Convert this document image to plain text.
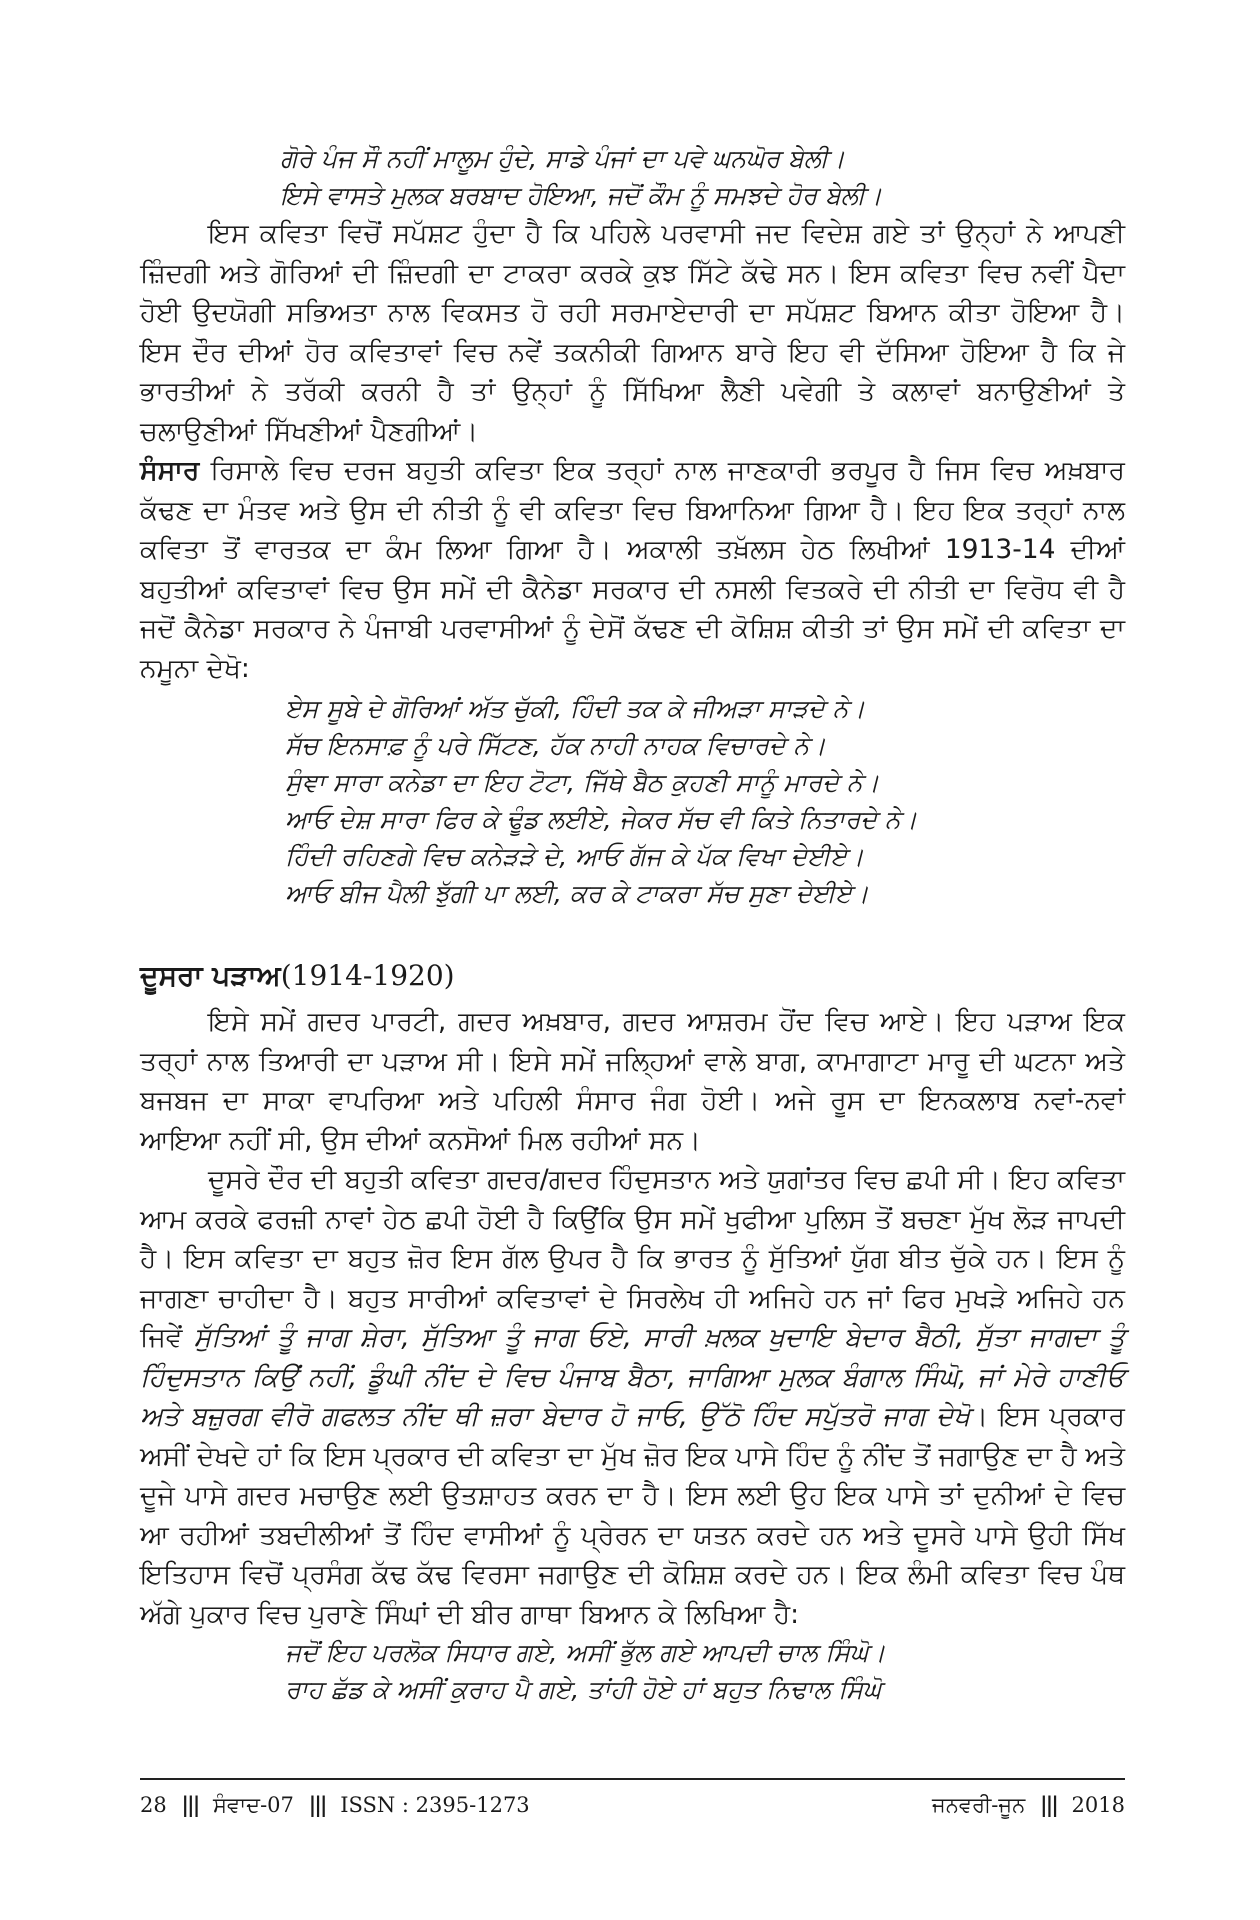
ਗੋਰੇ ਪੰਜ ਸੌ ਨਹੀਂ ਮਾਲੂਮ ਹੁੰਦੇ, ਸਾਡੇ ਪੰਜਾਂ ਦਾ ਪਵੇ ਘਨਘੋਰ ਬੇਲੀ।
ਇਸੇ ਵਾਸਤੇ ਮੁਲਕ ਬਰਬਾਦ ਹੋਇਆ, ਜਦੋਂ ਕੌਮ ਨੂੰ ਸਮਝਦੇ ਹੋਰ ਬੇਲੀ।

ਇਸ ਕਵਿਤਾ ਵਿਚੋਂ ਸਪੱਸ਼ਟ ਹੁੰਦਾ ਹੈ ਕਿ ਪਹਿਲੇ ਪਰਵਾਸੀ ਜਦ ਵਿਦੇਸ਼ ਗਏ ਤਾਂ ਉਨ੍ਹਾਂ ਨੇ ਆਪਣੀ ਜ਼ਿੰਦਗੀ ਅਤੇ ਗੋਰਿਆਂ ਦੀ ਜ਼ਿੰਦਗੀ ਦਾ ਟਾਕਰਾ ਕਰਕੇ ਕੁਝ ਸਿੱਟੇ ਕੱਢੇ ਸਨ। ਇਸ ਕਵਿਤਾ ਵਿਚ ਨਵੀਂ ਪੈਦਾ ਹੋਈ ਉਦਯੋਗੀ ਸਭਿਅਤਾ ਨਾਲ ਵਿਕਸਤ ਹੋ ਰਹੀ ਸਰਮਾਏਦਾਰੀ ਦਾ ਸਪੱਸ਼ਟ ਬਿਆਨ ਕੀਤਾ ਹੋਇਆ ਹੈ। ਇਸ ਦੌਰ ਦੀਆਂ ਹੋਰ ਕਵਿਤਾਵਾਂ ਵਿਚ ਨਵੇਂ ਤਕਨੀਕੀ ਗਿਆਨ ਬਾਰੇ ਇਹ ਵੀ ਦੱਸਿਆ ਹੋਇਆ ਹੈ ਕਿ ਜੇ ਭਾਰਤੀਆਂ ਨੇ ਤਰੱਕੀ ਕਰਨੀ ਹੈ ਤਾਂ ਉਨ੍ਹਾਂ ਨੂੰ ਸਿੱਖਿਆ ਲੈਣੀ ਪਵੇਗੀ ਤੇ ਕਲਾਵਾਂ ਬਨਾਉਣੀਆਂ ਤੇ ਚਲਾਉਣੀਆਂ ਸਿੱਖਣੀਆਂ ਪੈਣਗੀਆਂ।

ਸੰਸਾਰ ਰਿਸਾਲੇ ਵਿਚ ਦਰਜ ਬਹੁਤੀ ਕਵਿਤਾ ਇਕ ਤਰ੍ਹਾਂ ਨਾਲ ਜਾਣਕਾਰੀ ਭਰਪੂਰ ਹੈ ਜਿਸ ਵਿਚ ਅਖ਼ਬਾਰ ਕੱਢਣ ਦਾ ਮੰਤਵ ਅਤੇ ਉਸ ਦੀ ਨੀਤੀ ਨੂੰ ਵੀ ਕਵਿਤਾ ਵਿਚ ਬਿਆਨਿਆ ਗਿਆ ਹੈ। ਇਹ ਇਕ ਤਰ੍ਹਾਂ ਨਾਲ ਕਵਿਤਾ ਤੋਂ ਵਾਰਤਕ ਦਾ ਕੰਮ ਲਿਆ ਗਿਆ ਹੈ। ਅਕਾਲੀ ਤਖ਼ੱਲਸ ਹੇਠ ਲਿਖੀਆਂ 1913-14 ਦੀਆਂ ਬਹੁਤੀਆਂ ਕਵਿਤਾਵਾਂ ਵਿਚ ਉਸ ਸਮੇਂ ਦੀ ਕੈਨੇਡਾ ਸਰਕਾਰ ਦੀ ਨਸਲੀ ਵਿਤਕਰੇ ਦੀ ਨੀਤੀ ਦਾ ਵਿਰੋਧ ਵੀ ਹੈ ਜਦੋਂ ਕੈਨੇਡਾ ਸਰਕਾਰ ਨੇ ਪੰਜਾਬੀ ਪਰਵਾਸੀਆਂ ਨੂੰ ਦੇਸੋਂ ਕੱਢਣ ਦੀ ਕੋਸ਼ਿਸ਼ ਕੀਤੀ ਤਾਂ ਉਸ ਸਮੇਂ ਦੀ ਕਵਿਤਾ ਦਾ ਨਮੂਨਾ ਦੇਖੋ:

ਏਸ ਸੂਬੇ ਦੇ ਗੋਰਿਆਂ ਅੱਤ ਚੁੱਕੀ, ਹਿੰਦੀ ਤਕ ਕੇ ਜੀਅੜਾ ਸਾੜਦੇ ਨੇ।
ਸੱਚ ਇਨਸਾਫ਼ ਨੂੰ ਪਰੇ ਸਿੱਟਣ, ਹੱਕ ਨਾਹੀ ਨਾਹਕ ਵਿਚਾਰਦੇ ਨੇ।
ਸੁੰਞਾ ਸਾਰਾ ਕਨੇਡਾ ਦਾ ਇਹ ਟੋਟਾ, ਜਿੱਥੇ ਬੈਠ ਕੁਹਣੀ ਸਾਨੂੰ ਮਾਰਦੇ ਨੇ।
ਆਓ ਦੇਸ਼ ਸਾਰਾ ਫਿਰ ਕੇ ਢੂੰਡ ਲਈਏ, ਜੇਕਰ ਸੱਚ ਵੀ ਕਿਤੇ ਨਿਤਾਰਦੇ ਨੇ।
ਹਿੰਦੀ ਰਹਿਣਗੇ ਵਿਚ ਕਨੇੜੜੇ ਦੇ, ਆਓ ਗੱਜ ਕੇ ਪੱਕ ਵਿਖਾ ਦੇਈਏ।
ਆਓ ਬੀਜ ਪੈਲੀ ਝੁੱਗੀ ਪਾ ਲਈ, ਕਰ ਕੇ ਟਾਕਰਾ ਸੱਚ ਸੁਣਾ ਦੇਈਏ।
ਦੂਸਰਾ ਪੜਾਅ(1914-1920)

ਇਸੇ ਸਮੇਂ ਗਦਰ ਪਾਰਟੀ, ਗਦਰ ਅਖ਼ਬਾਰ, ਗਦਰ ਆਸ਼ਰਮ ਹੋਂਦ ਵਿਚ ਆਏ। ਇਹ ਪੜਾਅ ਇਕ ਤਰ੍ਹਾਂ ਨਾਲ ਤਿਆਰੀ ਦਾ ਪੜਾਅ ਸੀ। ਇਸੇ ਸਮੇਂ ਜਲ੍ਹਿਆਂ ਵਾਲੇ ਬਾਗ, ਕਾਮਾਗਾਟਾ ਮਾਰੂ ਦੀ ਘਟਨਾ ਅਤੇ ਬਜਬਜ ਦਾ ਸਾਕਾ ਵਾਪਰਿਆ ਅਤੇ ਪਹਿਲੀ ਸੰਸਾਰ ਜੰਗ ਹੋਈ। ਅਜੇ ਰੂਸ ਦਾ ਇਨਕਲਾਬ ਨਵਾਂ-ਨਵਾਂ ਆਇਆ ਨਹੀਂ ਸੀ, ਉਸ ਦੀਆਂ ਕਨਸੋਆਂ ਮਿਲ ਰਹੀਆਂ ਸਨ।

ਦੂਸਰੇ ਦੌਰ ਦੀ ਬਹੁਤੀ ਕਵਿਤਾ ਗਦਰ/ਗਦਰ ਹਿੰਦੁਸਤਾਨ ਅਤੇ ਯੁਗਾਂਤਰ ਵਿਚ ਛਪੀ ਸੀ। ਇਹ ਕਵਿਤਾ ਆਮ ਕਰਕੇ ਫਰਜ਼ੀ ਨਾਵਾਂ ਹੇਠ ਛਪੀ ਹੋਈ ਹੈ ਕਿਉਂਕਿ ਉਸ ਸਮੇਂ ਖੁਫੀਆ ਪੁਲਿਸ ਤੋਂ ਬਚਣਾ ਮੁੱਖ ਲੋੜ ਜਾਪਦੀ ਹੈ। ਇਸ ਕਵਿਤਾ ਦਾ ਬਹੁਤ ਜ਼ੋਰ ਇਸ ਗੱਲ ਉਪਰ ਹੈ ਕਿ ਭਾਰਤ ਨੂੰ ਸੁੱਤਿਆਂ ਯੁੱਗ ਬੀਤ ਚੁੱਕੇ ਹਨ। ਇਸ ਨੂੰ ਜਾਗਣਾ ਚਾਹੀਦਾ ਹੈ। ਬਹੁਤ ਸਾਰੀਆਂ ਕਵਿਤਾਵਾਂ ਦੇ ਸਿਰਲੇਖ ਹੀ ਅਜਿਹੇ ਹਨ ਜਾਂ ਫਿਰ ਮੁਖੜੇ ਅਜਿਹੇ ਹਨ ਜਿਵੇਂ ਸੁੱਤਿਆਂ ਤੂੰ ਜਾਗ ਸ਼ੇਰਾ, ਸੁੱਤਿਆ ਤੂੰ ਜਾਗ ਓਏ, ਸਾਰੀ ਖ਼ਲਕ ਖੁਦਾਇ ਬੇਦਾਰ ਬੈਠੀ, ਸੁੱਤਾ ਜਾਗਦਾ ਤੂੰ ਹਿੰਦੁਸਤਾਨ ਕਿਉਂ ਨਹੀਂ, ਡੂੰਘੀ ਨੀਂਦ ਦੇ ਵਿਚ ਪੰਜਾਬ ਬੈਠਾ, ਜਾਗਿਆ ਮੁਲਕ ਬੰਗਾਲ ਸਿੰਘੋ, ਜਾਂ ਮੇਰੇ ਹਾਣੀਓ ਅਤੇ ਬਜ਼ੁਰਗ ਵੀਰੋ ਗਫਲਤ ਨੀਂਦ ਥੀ ਜ਼ਰਾ ਬੇਦਾਰ ਹੋ ਜਾਓ, ਉੱਠੋ ਹਿੰਦ ਸਪੁੱਤਰੋ ਜਾਗ ਦੇਖੋ। ਇਸ ਪ੍ਰਕਾਰ ਅਸੀਂ ਦੇਖਦੇ ਹਾਂ ਕਿ ਇਸ ਪ੍ਰਕਾਰ ਦੀ ਕਵਿਤਾ ਦਾ ਮੁੱਖ ਜ਼ੋਰ ਇਕ ਪਾਸੇ ਹਿੰਦ ਨੂੰ ਨੀਂਦ ਤੋਂ ਜਗਾਉਣ ਦਾ ਹੈ ਅਤੇ ਦੂਜੇ ਪਾਸੇ ਗਦਰ ਮਚਾਉਣ ਲਈ ਉਤਸ਼ਾਹਤ ਕਰਨ ਦਾ ਹੈ। ਇਸ ਲਈ ਉਹ ਇਕ ਪਾਸੇ ਤਾਂ ਦੁਨੀਆਂ ਦੇ ਵਿਚ ਆ ਰਹੀਆਂ ਤਬਦੀਲੀਆਂ ਤੋਂ ਹਿੰਦ ਵਾਸੀਆਂ ਨੂੰ ਪ੍ਰੇਰਨ ਦਾ ਯਤਨ ਕਰਦੇ ਹਨ ਅਤੇ ਦੂਸਰੇ ਪਾਸੇ ਉਹੀ ਸਿੱਖ ਇਤਿਹਾਸ ਵਿਚੋਂ ਪ੍ਰਸੰਗ ਕੱਢ ਕੱਢ ਵਿਰਸਾ ਜਗਾਉਣ ਦੀ ਕੋਸ਼ਿਸ਼ ਕਰਦੇ ਹਨ। ਇਕ ਲੰਮੀ ਕਵਿਤਾ ਵਿਚ ਪੰਥ ਅੱਗੇ ਪੁਕਾਰ ਵਿਚ ਪੁਰਾਣੇ ਸਿੰਘਾਂ ਦੀ ਬੀਰ ਗਾਥਾ ਬਿਆਨ ਕੇ ਲਿਖਿਆ ਹੈ:

ਜਦੋਂ ਇਹ ਪਰਲੋਕ ਸਿਧਾਰ ਗਏ, ਅਸੀਂ ਭੁੱਲ ਗਏ ਆਪਦੀ ਚਾਲ ਸਿੰਘੋ।
ਰਾਹ ਛੱਡ ਕੇ ਅਸੀਂ ਕੁਰਾਹ ਪੈ ਗਏ, ਤਾਂਹੀ ਹੋਏ ਹਾਂ ਬਹੁਤ ਨਿਢਾਲ ਸਿੰਘੋ
28 ||| ਸੰਵਾਦ-07 ||| ISSN : 2395-1273	ਜਨਵਰੀ-ਜੂਨ ||| 2018
